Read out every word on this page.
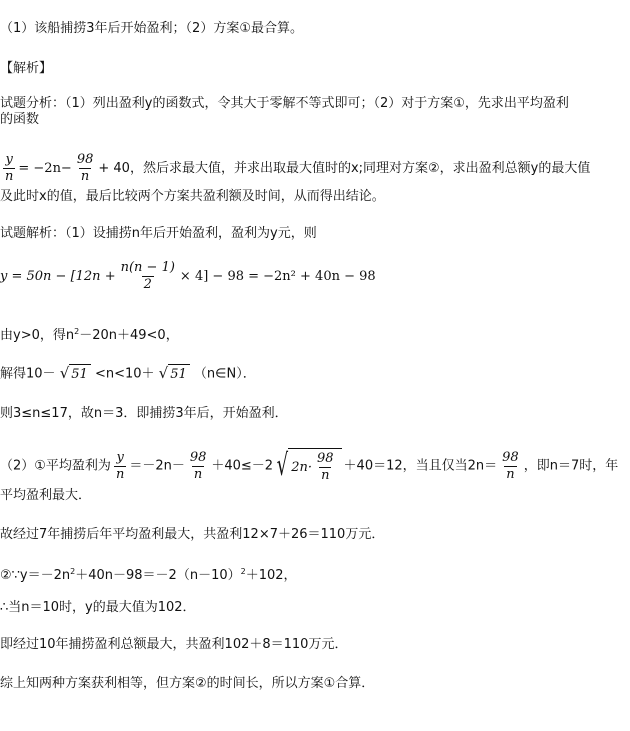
（1）该船捕捞3年后开始盈利；（2）方案①最合算。
【解析】
试题分析：（1）列出盈利y的函数式，令其大于零解不等式即可；（2）对于方案①，先求出平均盈利
的函数
$\frac{y}{n} = -2n- \frac{98}{n} + 40$，然后求最大值，并求出取最大值时的x;同理对方案②，求出盈利总额y的最大值
及此时x的值，最后比较两个方案共盈利额及时间，从而得出结论。
试题解析：（1）设捕捞n年后开始盈利，盈利为y元，则
$y = 50n - [12n + \frac{n(n - 1)}{2} \times 4] - 98 = -2n^2 + 40n - 98$
由y>0，得$n^2-20n+49<0$，
解得10－ √ 51 <n<10＋ √ 51 （n∈N）．
则3≤n≤17，故n＝3．即捕捞3年后，开始盈利．
（2）①平均盈利为 $\frac{y}{n} =-2n- \frac{98}{n} +40\le-2$ √ $2n\cdot \frac{98}{n} +40=12$，当且仅当$2n= \frac{98}{n}$ ，即n＝7时，年
平均盈利最大．
故经过7年捕捞后年平均盈利最大，共盈利12×7＋26＝110万元．
$②\because y=-2n^2+40n-98=-2(n-10)^2+102$，
∴当n＝10时，y的最大值为102．
即经过10年捕捞盈利总额最大，共盈利102＋8＝110万元．
综上知两种方案获利相等，但方案②的时间长，所以方案①合算．
